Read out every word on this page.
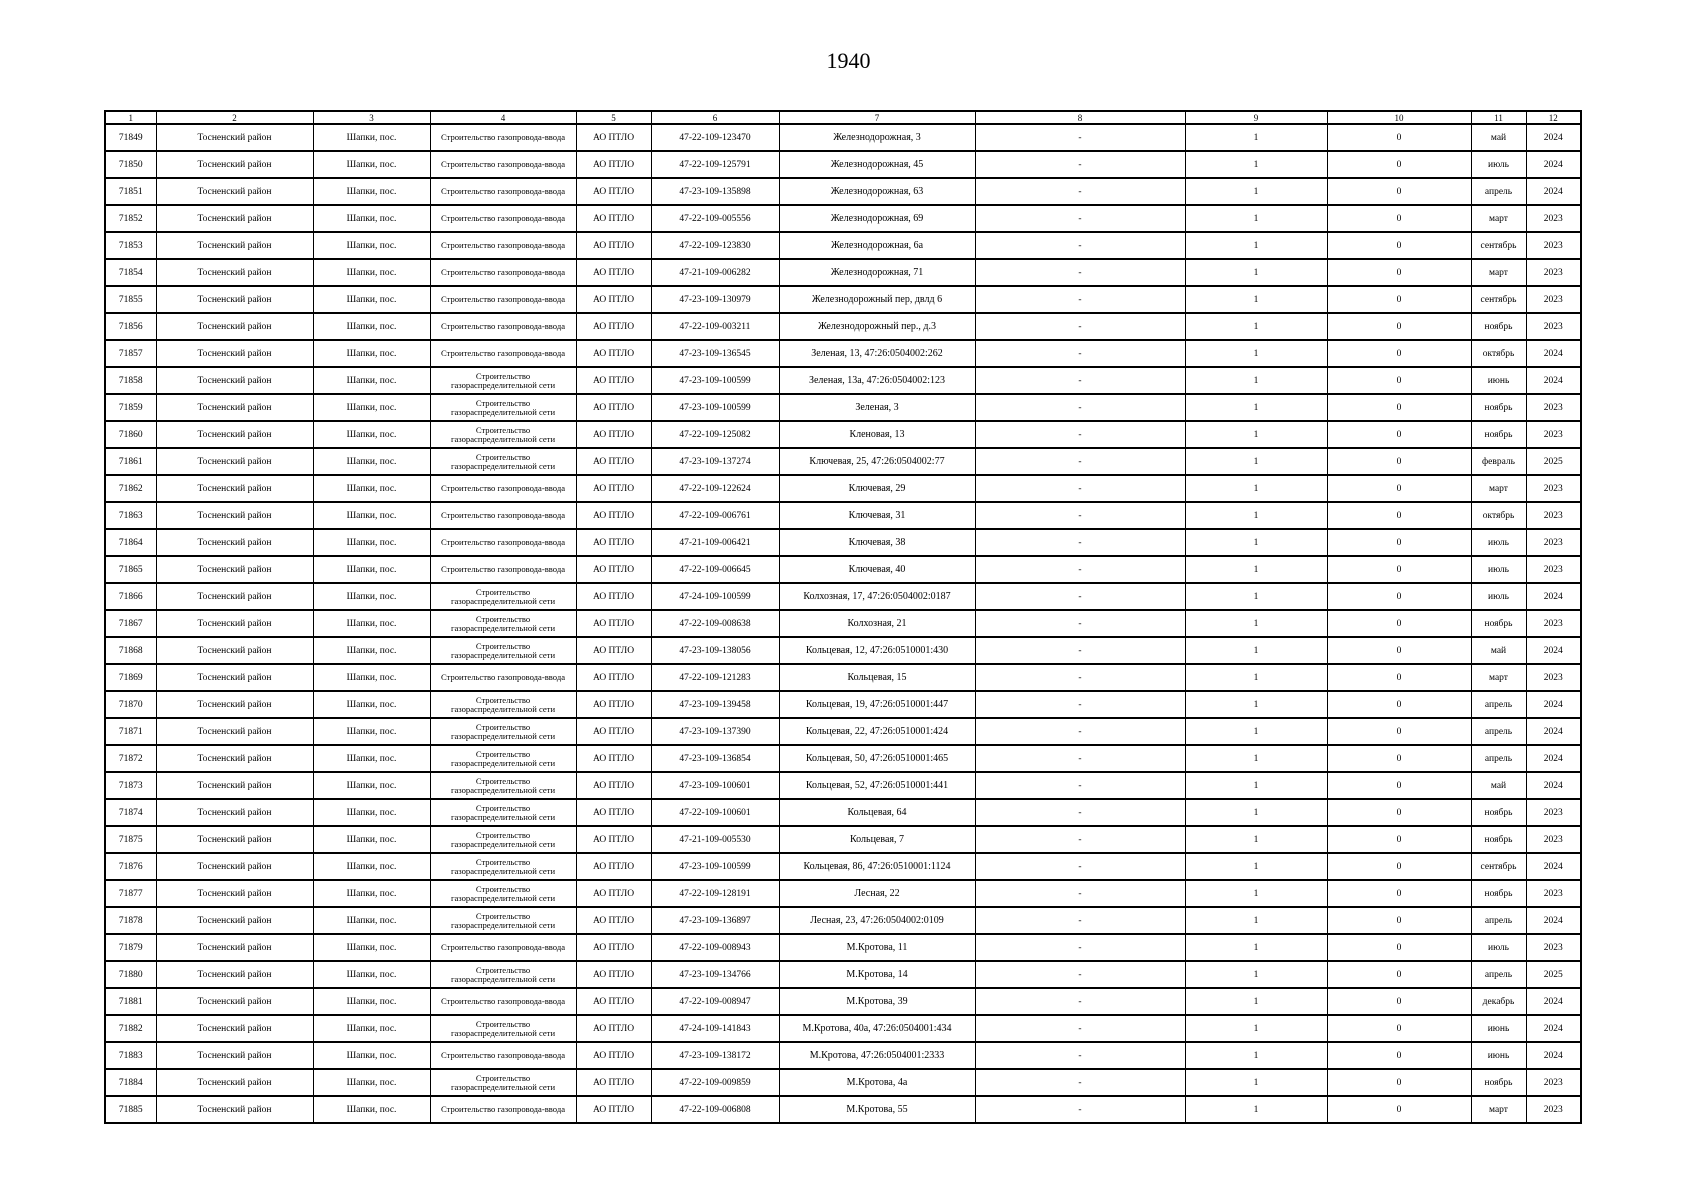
1940
1	2	3	4	5	6	7	8	9	10	11	12
71849	Тосненский район	Шапки, пос.	Строительство газопровода-ввода	АО ПТЛО	47-22-109-123470	Железнодорожная, 3	-	1	0	май	2024
71850	Тосненский район	Шапки, пос.	Строительство газопровода-ввода	АО ПТЛО	47-22-109-125791	Железнодорожная, 45	-	1	0	июль	2024
71851	Тосненский район	Шапки, пос.	Строительство газопровода-ввода	АО ПТЛО	47-23-109-135898	Железнодорожная, 63	-	1	0	апрель	2024
71852	Тосненский район	Шапки, пос.	Строительство газопровода-ввода	АО ПТЛО	47-22-109-005556	Железнодорожная, 69	-	1	0	март	2023
71853	Тосненский район	Шапки, пос.	Строительство газопровода-ввода	АО ПТЛО	47-22-109-123830	Железнодорожная, 6а	-	1	0	сентябрь	2023
71854	Тосненский район	Шапки, пос.	Строительство газопровода-ввода	АО ПТЛО	47-21-109-006282	Железнодорожная, 71	-	1	0	март	2023
71855	Тосненский район	Шапки, пос.	Строительство газопровода-ввода	АО ПТЛО	47-23-109-130979	Железнодорожный пер, двлд 6	-	1	0	сентябрь	2023
71856	Тосненский район	Шапки, пос.	Строительство газопровода-ввода	АО ПТЛО	47-22-109-003211	Железнодорожный пер., д.3	-	1	0	ноябрь	2023
71857	Тосненский район	Шапки, пос.	Строительство газопровода-ввода	АО ПТЛО	47-23-109-136545	Зеленая, 13, 47:26:0504002:262	-	1	0	октябрь	2024
71858	Тосненский район	Шапки, пос.	Строительство газораспределительной сети	АО ПТЛО	47-23-109-100599	Зеленая, 13а, 47:26:0504002:123	-	1	0	июнь	2024
71859	Тосненский район	Шапки, пос.	Строительство газораспределительной сети	АО ПТЛО	47-23-109-100599	Зеленая, 3	-	1	0	ноябрь	2023
71860	Тосненский район	Шапки, пос.	Строительство газораспределительной сети	АО ПТЛО	47-22-109-125082	Кленовая, 13	-	1	0	ноябрь	2023
71861	Тосненский район	Шапки, пос.	Строительство газораспределительной сети	АО ПТЛО	47-23-109-137274	Ключевая, 25, 47:26:0504002:77	-	1	0	февраль	2025
71862	Тосненский район	Шапки, пос.	Строительство газопровода-ввода	АО ПТЛО	47-22-109-122624	Ключевая, 29	-	1	0	март	2023
71863	Тосненский район	Шапки, пос.	Строительство газопровода-ввода	АО ПТЛО	47-22-109-006761	Ключевая, 31	-	1	0	октябрь	2023
71864	Тосненский район	Шапки, пос.	Строительство газопровода-ввода	АО ПТЛО	47-21-109-006421	Ключевая, 38	-	1	0	июль	2023
71865	Тосненский район	Шапки, пос.	Строительство газопровода-ввода	АО ПТЛО	47-22-109-006645	Ключевая, 40	-	1	0	июль	2023
71866	Тосненский район	Шапки, пос.	Строительство газораспределительной сети	АО ПТЛО	47-24-109-100599	Колхозная, 17, 47:26:0504002:0187	-	1	0	июль	2024
71867	Тосненский район	Шапки, пос.	Строительство газораспределительной сети	АО ПТЛО	47-22-109-008638	Колхозная, 21	-	1	0	ноябрь	2023
71868	Тосненский район	Шапки, пос.	Строительство газораспределительной сети	АО ПТЛО	47-23-109-138056	Кольцевая, 12, 47:26:0510001:430	-	1	0	май	2024
71869	Тосненский район	Шапки, пос.	Строительство газопровода-ввода	АО ПТЛО	47-22-109-121283	Кольцевая, 15	-	1	0	март	2023
71870	Тосненский район	Шапки, пос.	Строительство газораспределительной сети	АО ПТЛО	47-23-109-139458	Кольцевая, 19, 47:26:0510001:447	-	1	0	апрель	2024
71871	Тосненский район	Шапки, пос.	Строительство газораспределительной сети	АО ПТЛО	47-23-109-137390	Кольцевая, 22, 47:26:0510001:424	-	1	0	апрель	2024
71872	Тосненский район	Шапки, пос.	Строительство газораспределительной сети	АО ПТЛО	47-23-109-136854	Кольцевая, 50, 47:26:0510001:465	-	1	0	апрель	2024
71873	Тосненский район	Шапки, пос.	Строительство газораспределительной сети	АО ПТЛО	47-23-109-100601	Кольцевая, 52, 47:26:0510001:441	-	1	0	май	2024
71874	Тосненский район	Шапки, пос.	Строительство газораспределительной сети	АО ПТЛО	47-22-109-100601	Кольцевая, 64	-	1	0	ноябрь	2023
71875	Тосненский район	Шапки, пос.	Строительство газораспределительной сети	АО ПТЛО	47-21-109-005530	Кольцевая, 7	-	1	0	ноябрь	2023
71876	Тосненский район	Шапки, пос.	Строительство газораспределительной сети	АО ПТЛО	47-23-109-100599	Кольцевая, 86, 47:26:0510001:1124	-	1	0	сентябрь	2024
71877	Тосненский район	Шапки, пос.	Строительство газораспределительной сети	АО ПТЛО	47-22-109-128191	Лесная, 22	-	1	0	ноябрь	2023
71878	Тосненский район	Шапки, пос.	Строительство газораспределительной сети	АО ПТЛО	47-23-109-136897	Лесная, 23, 47:26:0504002:0109	-	1	0	апрель	2024
71879	Тосненский район	Шапки, пос.	Строительство газопровода-ввода	АО ПТЛО	47-22-109-008943	М.Кротова, 11	-	1	0	июль	2023
71880	Тосненский район	Шапки, пос.	Строительство газораспределительной сети	АО ПТЛО	47-23-109-134766	М.Кротова, 14	-	1	0	апрель	2025
71881	Тосненский район	Шапки, пос.	Строительство газопровода-ввода	АО ПТЛО	47-22-109-008947	М.Кротова, 39	-	1	0	декабрь	2024
71882	Тосненский район	Шапки, пос.	Строительство газораспределительной сети	АО ПТЛО	47-24-109-141843	М.Кротова, 40а, 47:26:0504001:434	-	1	0	июнь	2024
71883	Тосненский район	Шапки, пос.	Строительство газопровода-ввода	АО ПТЛО	47-23-109-138172	М.Кротова, 47:26:0504001:2333	-	1	0	июнь	2024
71884	Тосненский район	Шапки, пос.	Строительство газораспределительной сети	АО ПТЛО	47-22-109-009859	М.Кротова, 4а	-	1	0	ноябрь	2023
71885	Тосненский район	Шапки, пос.	Строительство газопровода-ввода	АО ПТЛО	47-22-109-006808	М.Кротова, 55	-	1	0	март	2023
